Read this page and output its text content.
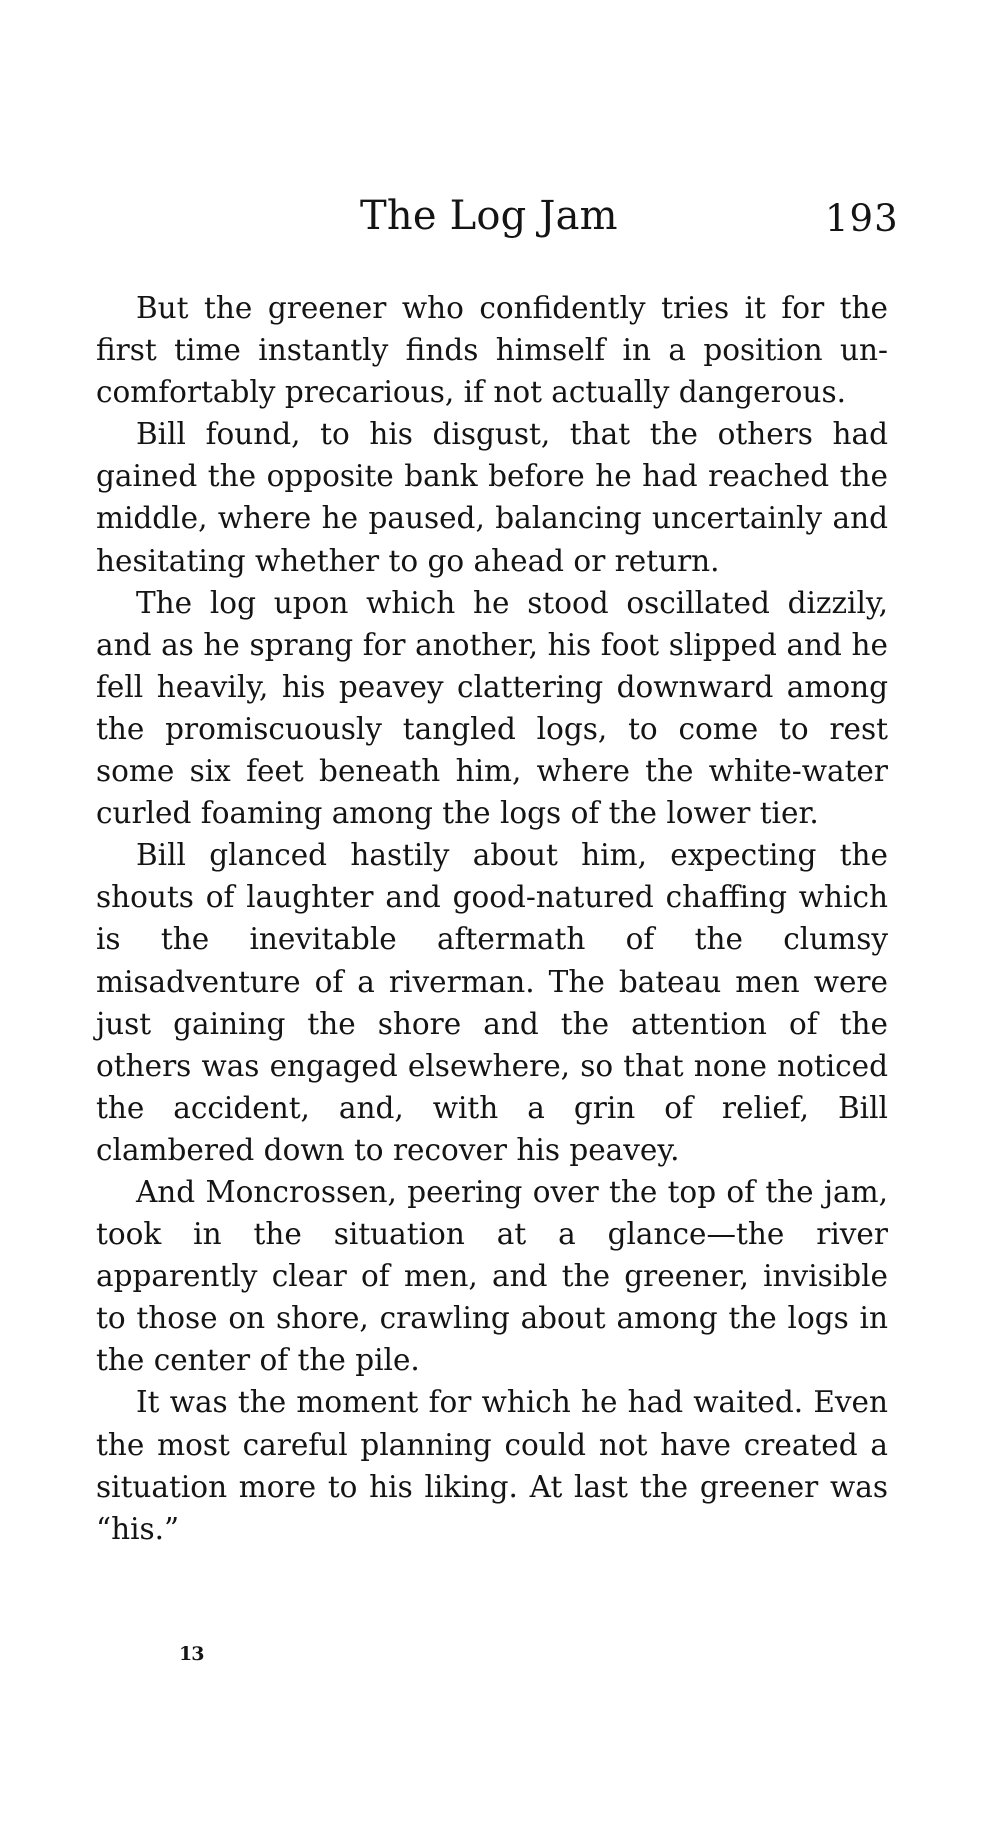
The Log Jam	193

But the greener who confidently tries it for the first time instantly finds himself in a position un-comfortably precarious, if not actually dangerous.

Bill found, to his disgust, that the others had gained the opposite bank before he had reached the middle, where he paused, balancing uncertainly and hesitating whether to go ahead or return.

The log upon which he stood oscillated dizzily, and as he sprang for another, his foot slipped and he fell heavily, his peavey clattering downward among the promiscuously tangled logs, to come to rest some six feet beneath him, where the white-water curled foaming among the logs of the lower tier.

Bill glanced hastily about him, expecting the shouts of laughter and good-natured chaffing which is the inevitable aftermath of the clumsy misadventure of a riverman. The bateau men were just gaining the shore and the attention of the others was engaged elsewhere, so that none noticed the accident, and, with a grin of relief, Bill clambered down to recover his peavey.

And Moncrossen, peering over the top of the jam, took in the situation at a glance—the river apparently clear of men, and the greener, invisible to those on shore, crawling about among the logs in the center of the pile.

It was the moment for which he had waited. Even the most careful planning could not have created a situation more to his liking. At last the greener was “his.”

13
